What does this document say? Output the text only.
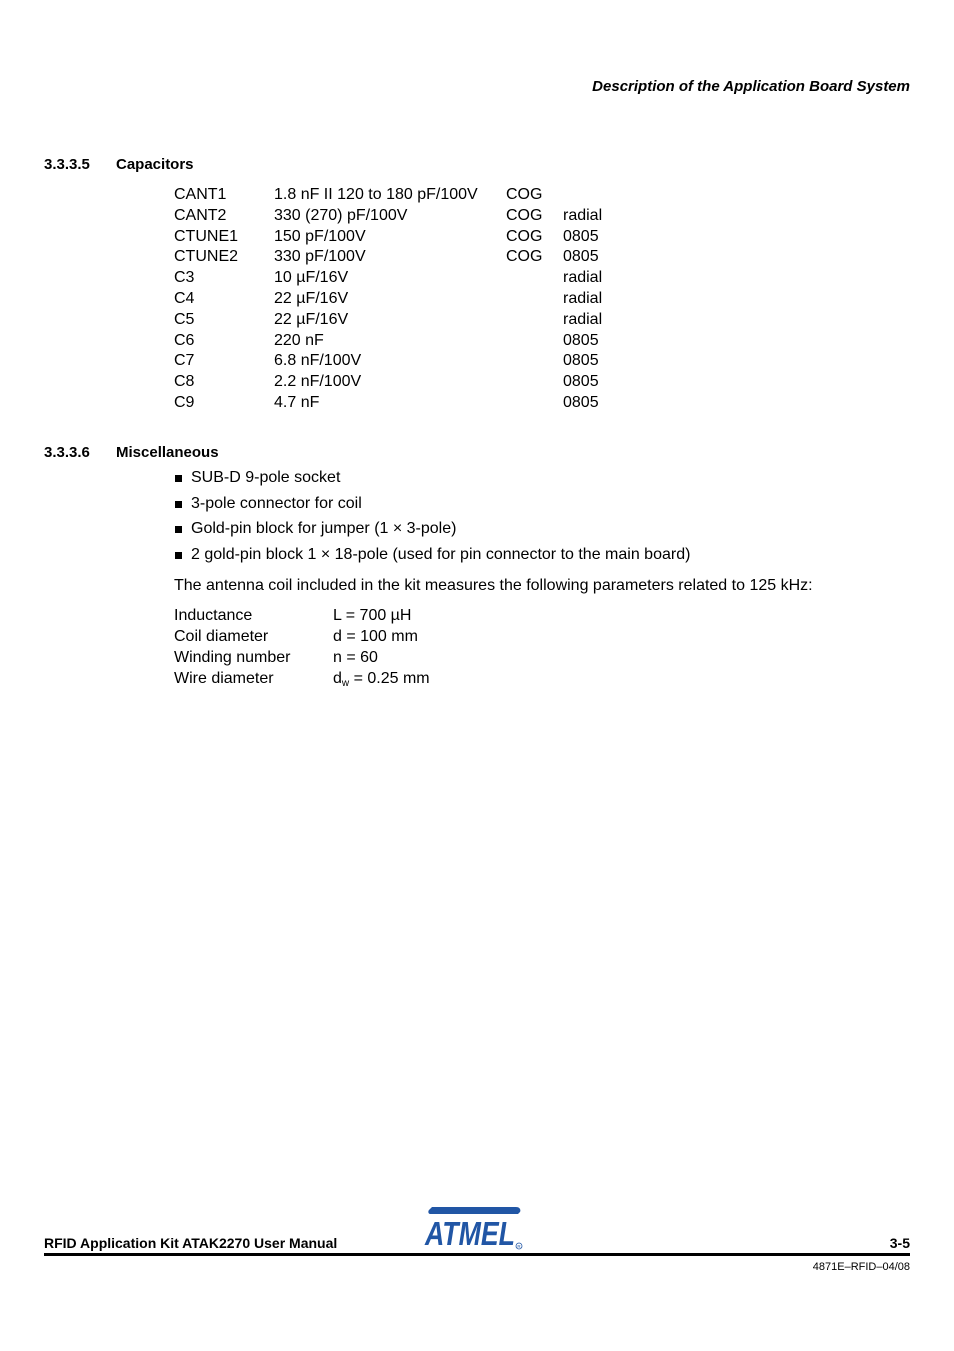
Description of the Application Board System
3.3.3.5 Capacitors
CANT1	1.8 nF II 120 to 180 pF/100V COG
CANT2	330 (270) pF/100V	COG radial
CTUNE1 150 pF/100V	COG 0805
CTUNE2 330 pF/100V	COG 0805
C3	10 µF/16V	radial
C4	22 µF/16V	radial
C5	22 µF/16V	radial
C6	220 nF	0805
C7	6.8 nF/100V	0805
C8	2.2 nF/100V	0805
C9	4.7 nF	0805
3.3.3.6 Miscellaneous
SUB-D 9-pole socket
3-pole connector for coil
Gold-pin block for jumper (1 × 3-pole)
2 gold-pin block 1 × 18-pole (used for pin connector to the main board)
The antenna coil included in the kit measures the following parameters related to 125 kHz:
Inductance	L = 700 µH
Coil diameter	d = 100 mm
Winding number	n = 60
Wire diameter	$d_w = 0.25$ mm
RFID Application Kit ATAK2270 User Manual	ATMEL R	3-5
4871E–RFID–04/08
